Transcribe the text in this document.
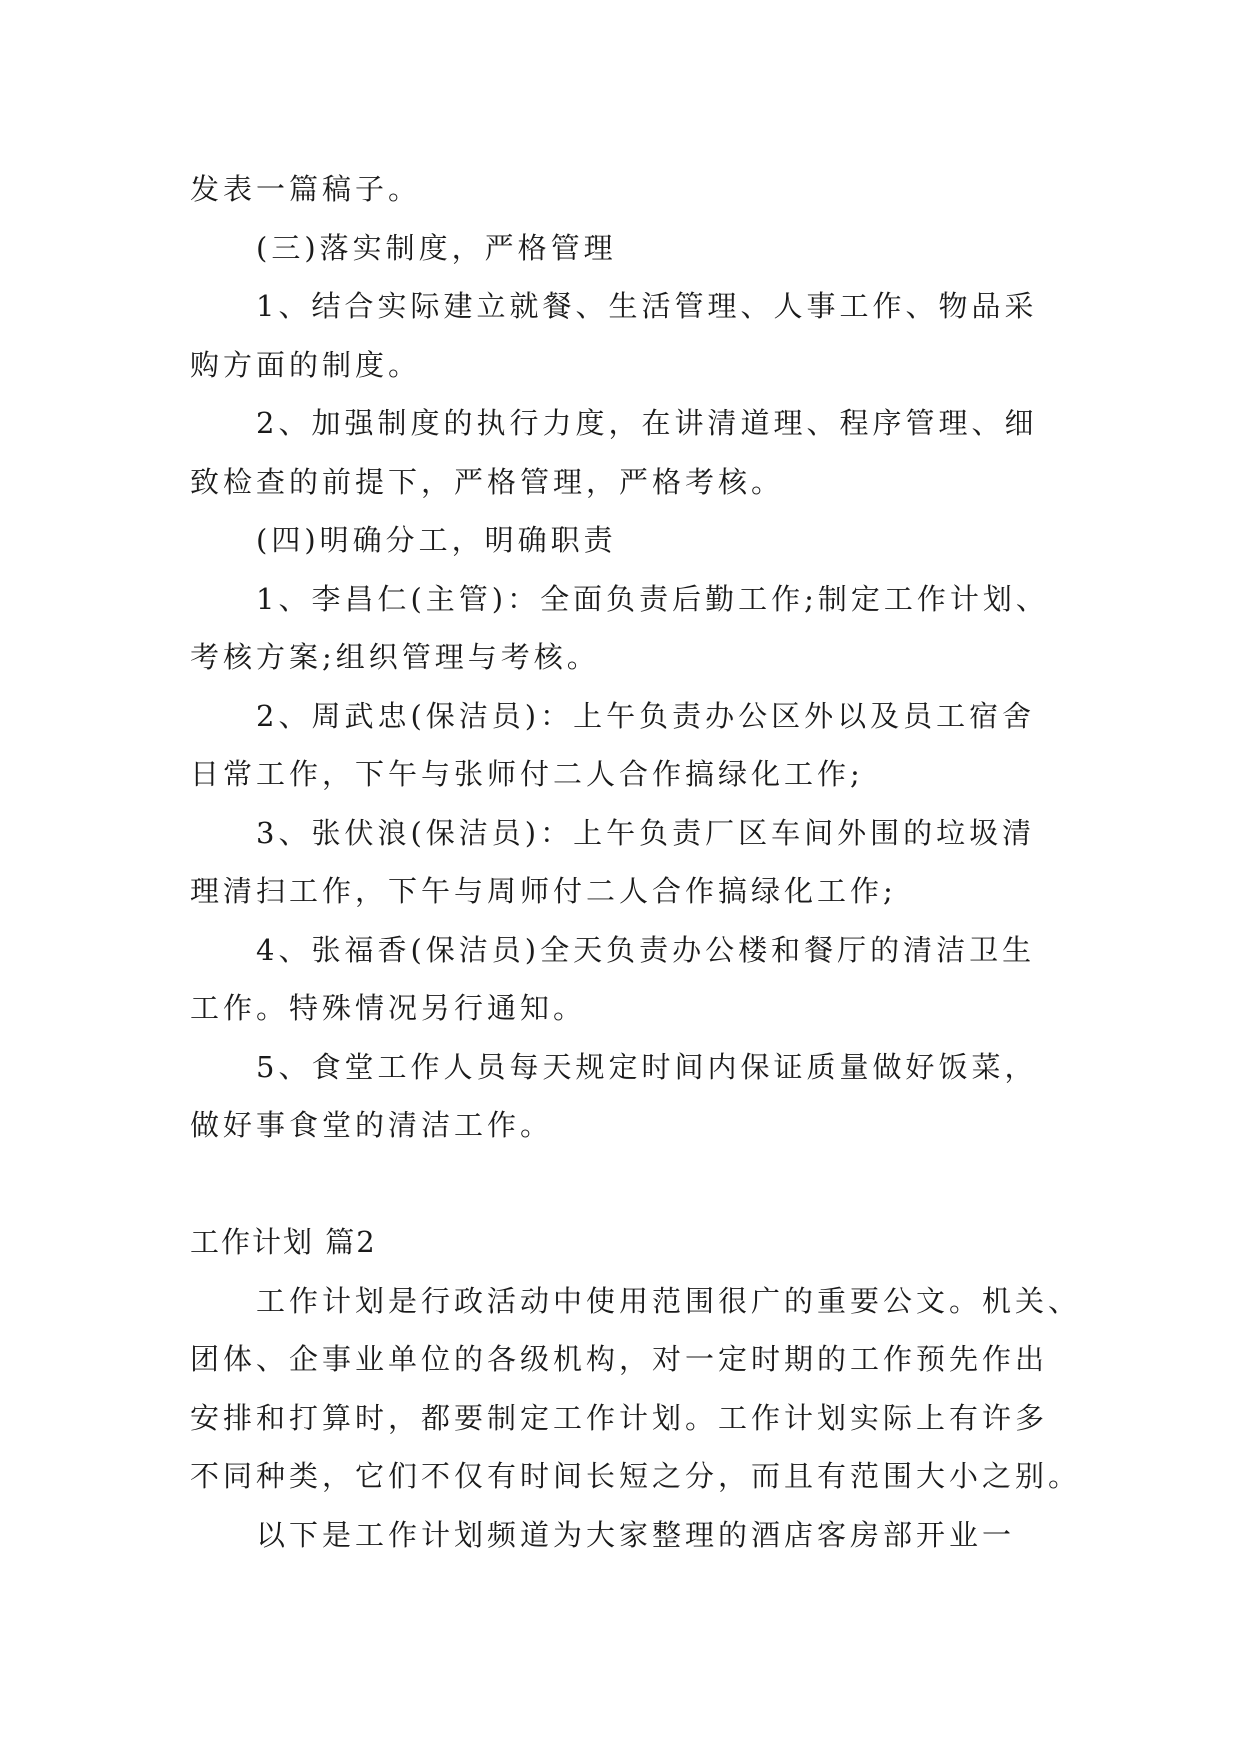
发表一篇稿子。
(三)落实制度，严格管理
1、结合实际建立就餐、生活管理、人事工作、物品采
购方面的制度。
2、加强制度的执行力度，在讲清道理、程序管理、细
致检查的前提下，严格管理，严格考核。
(四)明确分工，明确职责
1、李昌仁(主管)：全面负责后勤工作;制定工作计划、
考核方案;组织管理与考核。
2、周武忠(保洁员)：上午负责办公区外以及员工宿舍
日常工作，下午与张师付二人合作搞绿化工作;
3、张伏浪(保洁员)：上午负责厂区车间外围的垃圾清
理清扫工作，下午与周师付二人合作搞绿化工作;
4、张福香(保洁员)全天负责办公楼和餐厅的清洁卫生
工作。特殊情况另行通知。
5、食堂工作人员每天规定时间内保证质量做好饭菜，
做好事食堂的清洁工作。
工作计划 篇2
工作计划是行政活动中使用范围很广的重要公文。机关、
团体、企事业单位的各级机构，对一定时期的工作预先作出
安排和打算时，都要制定工作计划。工作计划实际上有许多
不同种类，它们不仅有时间长短之分，而且有范围大小之别。
以下是工作计划频道为大家整理的酒店客房部开业一
